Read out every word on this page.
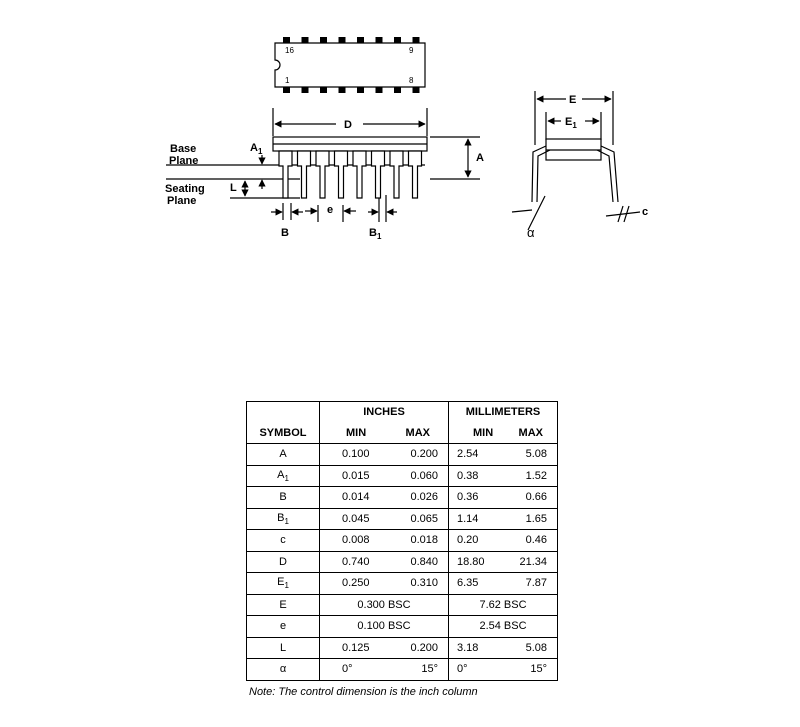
16	9
1	8
Base
Plane
Seating
Plane
D
A
$A_1$
L
e
B	$B_1$
E
$E_1$
α
c
SYMBOL	INCHES	MILLIMETERS

	MIN MAX	MIN MAX

A	0.100 0.200	2.54 5.08

$A_1$	0.015 0.060	0.38 1.52

B	0.014 0.026	0.36 0.66

$B_1$	0.045 0.065	1.14 1.65

c	0.008 0.018	0.20 0.46

D	0.740 0.840	18.80 21.34

$E_1$	0.250 0.310	6.35 7.87

E	0.300 BSC	7.62 BSC
e	0.100 BSC	2.54 BSC
L	0.125 0.200	3.18 5.08

α	0° 15°	0° 15°
Note: The control dimension is the inch column
